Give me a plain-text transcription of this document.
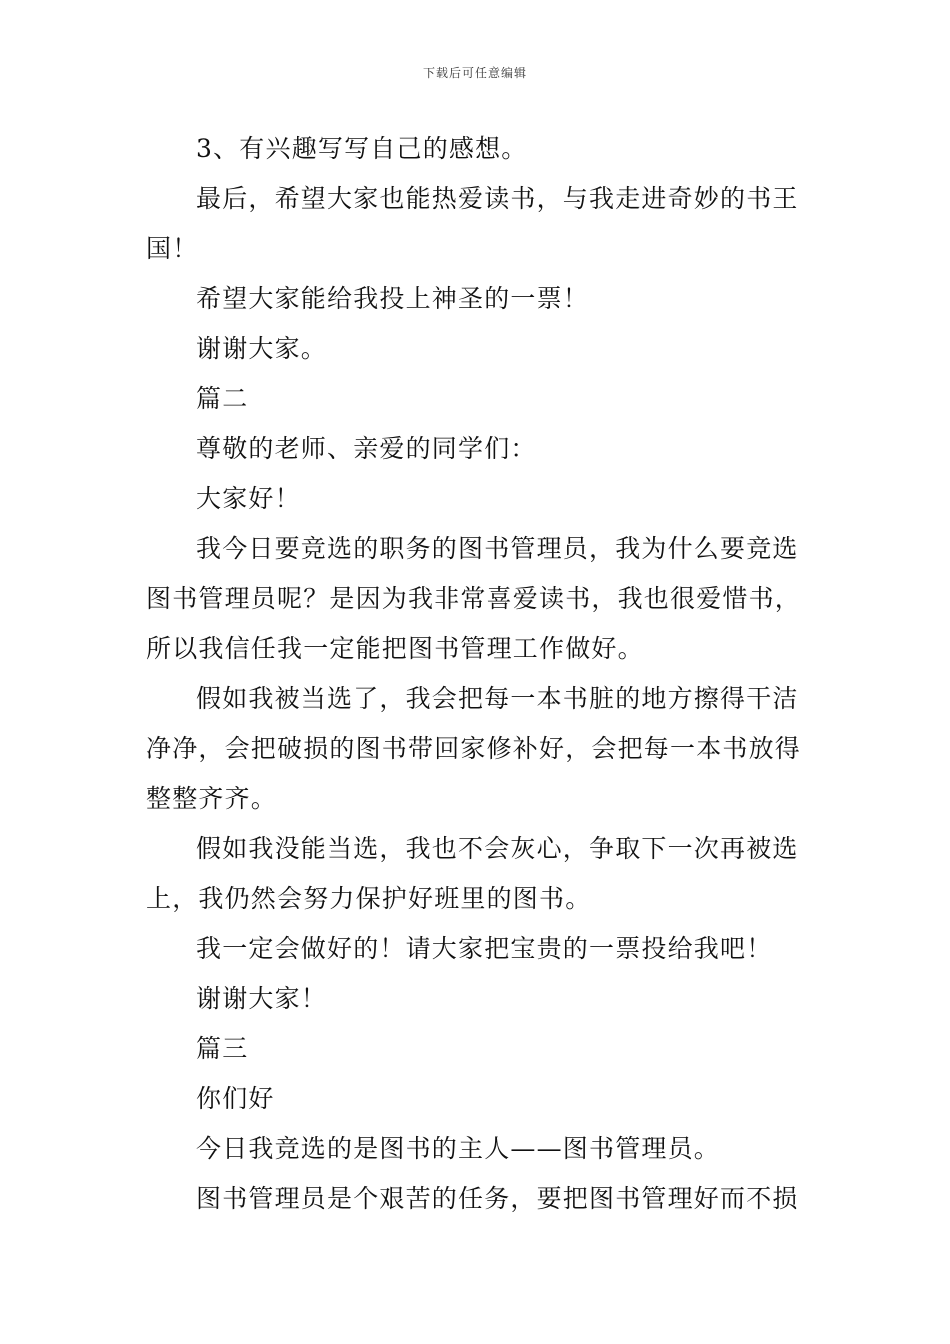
下载后可任意编辑

3、有兴趣写写自己的感想。

最后，希望大家也能热爱读书，与我走进奇妙的书王国！

希望大家能给我投上神圣的一票！

谢谢大家。

篇二

尊敬的老师、亲爱的同学们：

大家好！

我今日要竞选的职务的图书管理员，我为什么要竞选图书管理员呢？是因为我非常喜爱读书，我也很爱惜书，所以我信任我一定能把图书管理工作做好。

假如我被当选了，我会把每一本书脏的地方擦得干洁净净，会把破损的图书带回家修补好，会把每一本书放得整整齐齐。

假如我没能当选，我也不会灰心，争取下一次再被选上，我仍然会努力保护好班里的图书。

我一定会做好的！请大家把宝贵的一票投给我吧！

谢谢大家！

篇三

你们好

今日我竞选的是图书的主人——图书管理员。

图书管理员是个艰苦的任务，要把图书管理好而不损
